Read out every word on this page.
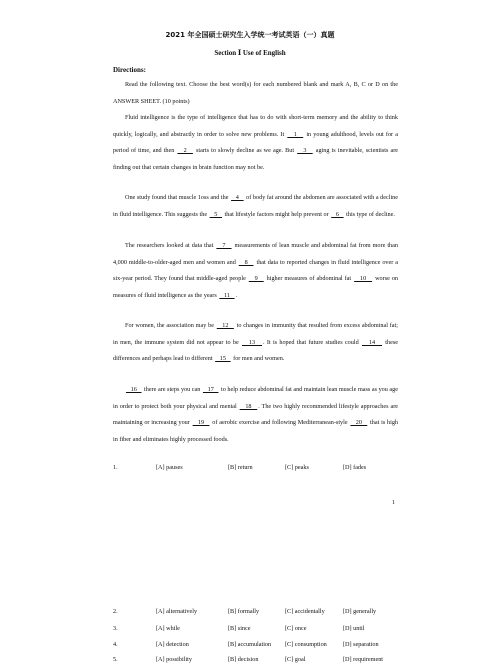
2021 年全国硕士研究生入学统一考试英语（一）真题
Section Ⅰ Use of English
Directions:

Read the following text. Choose the best word(s) for each numbered blank and mark A, B, C or D on the ANSWER SHEET. (10 points)

Fluid intelligence is the type of intelligence that has to do with short-term memory and the ability to think quickly, logically, and abstractly in order to solve new problems. It    1    in young adulthood, levels out for a period of time, and then    2    starts to slowly decline as we age. But    3    aging is inevitable, scientists are finding out that certain changes in brain function may not be.

One study found that muscle 1oss and the    4    of body fat around the abdomen are associated with a decline in fluid intelligence. This suggests the    5    that lifestyle factors might help prevent or    6    this type of decline.

The researchers looked at data that    7    measurements of lean muscle and abdominal fat from more than 4,000 middle-to-older-aged men and women and    8    that data to reported changes in fluid intelligence over a six-year period. They found that middle-aged people    9    higher measures of abdominal fat    10    worse on measures of fluid intelligence as the years    11   .

For women, the association may be    12    to changes in immunity that resulted from excess abdominal fat; in men, the immune system did not appear to be    13   . It is hoped that future studies could    14    these differences and perhaps lead to different    15    for men and women.

16    there are steps you can    17    to help reduce abdominal fat and maintain lean muscle mass as you age in order to protect both your physical and mental    18   . The two highly recommended lifestyle approaches are maintaining or increasing your    19    of aerobic exercise and following Mediterranean-style    20    that is high in fiber and eliminates highly processed foods.

1.	[A] pauses	[B] return	[C] peaks	[D] fades
1
2.	[A] alternatively	[B] formally	[C] accidentally	[D] generally
3.	[A] while	[B] since	[C] once	[D] until
4.	[A] detection	[B] accumulation [C] consumption	[D] separation
5.	[A] possibility	[B] decision	[C] goal	[D] requirement
